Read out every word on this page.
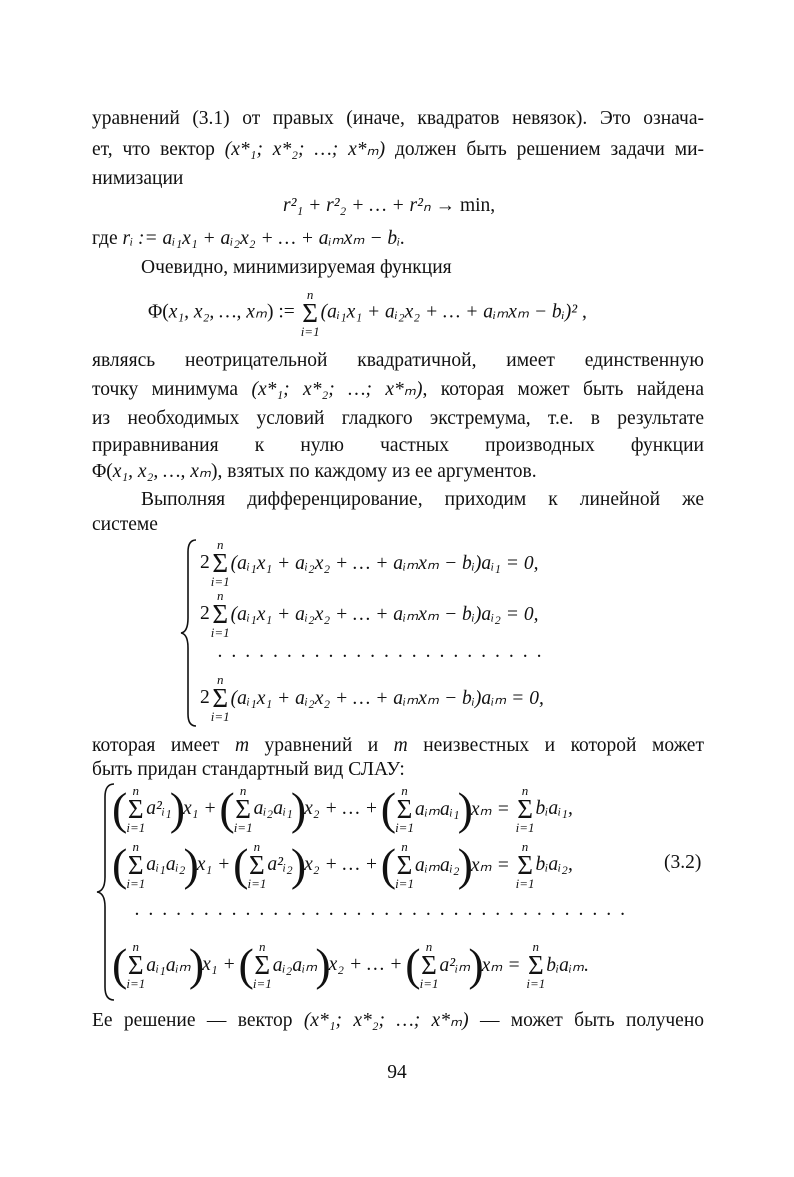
уравнений (3.1) от правых (иначе, квадратов невязок). Это означа-
ет, что вектор (x*₁; x*₂; …; x*ₘ) должен быть решением задачи ми-
нимизации
r²₁ + r²₂ + … + r²ₙ → min,
где rᵢ := aᵢ₁x₁ + aᵢ₂x₂ + … + aᵢₘxₘ − bᵢ.
Очевидно, минимизируемая функция
Φ(x₁, x₂, …, xₘ) :=
n
Σ
i=1
(aᵢ₁x₁ + aᵢ₂x₂ + … + aᵢₘxₘ − bᵢ)² ,
являясь неотрицательной квадратичной, имеет единственную
точку минимума (x*₁; x*₂; …; x*ₘ), которая может быть найдена
из необходимых условий гладкого экстремума, т.е. в результате
приравнивания к нулю частных производных функции
Φ(x₁, x₂, …, xₘ), взятых по каждому из ее аргументов.
Выполняя дифференцирование, приходим к линейной же
системе
2
n
Σ
i=1
(aᵢ₁x₁ + aᵢ₂x₂ + … + aᵢₘxₘ − bᵢ)aᵢ₁ = 0,
2
n
Σ
i=1
(aᵢ₁x₁ + aᵢ₂x₂ + … + aᵢₘxₘ − bᵢ)aᵢ₂ = 0,
........................
2
n
Σ
i=1
(aᵢ₁x₁ + aᵢ₂x₂ + … + aᵢₘxₘ − bᵢ)aᵢₘ = 0,
которая имеет m уравнений и m неизвестных и которой может
быть придан стандартный вид СЛАУ:
( n
Σ
i=1
a²ᵢ₁
)
x₁ +
( n
Σ
i=1
aᵢ₂aᵢ₁
)
x₂ + … +
( n
Σ
i=1
aᵢₘaᵢ₁
)
xₘ =
n
Σ
i=1
bᵢaᵢ₁,
( n
Σ
i=1
aᵢ₁aᵢ₂
)
x₁ +
( n
Σ
i=1
a²ᵢ₂
)
x₂ + … +
( n
Σ
i=1
aᵢₘaᵢ₂
)
xₘ =
n
Σ
i=1
bᵢaᵢ₂,
....................................
( n
Σ
i=1
aᵢ₁aᵢₘ
)
x₁ +
( n
Σ
i=1
aᵢ₂aᵢₘ
)
x₂ + … +
( n
Σ
i=1
a²ᵢₘ
)
xₘ =
n
Σ
i=1
bᵢaᵢₘ.
(3.2)
Ее решение — вектор (x*₁; x*₂; …; x*ₘ) — может быть получено
94
